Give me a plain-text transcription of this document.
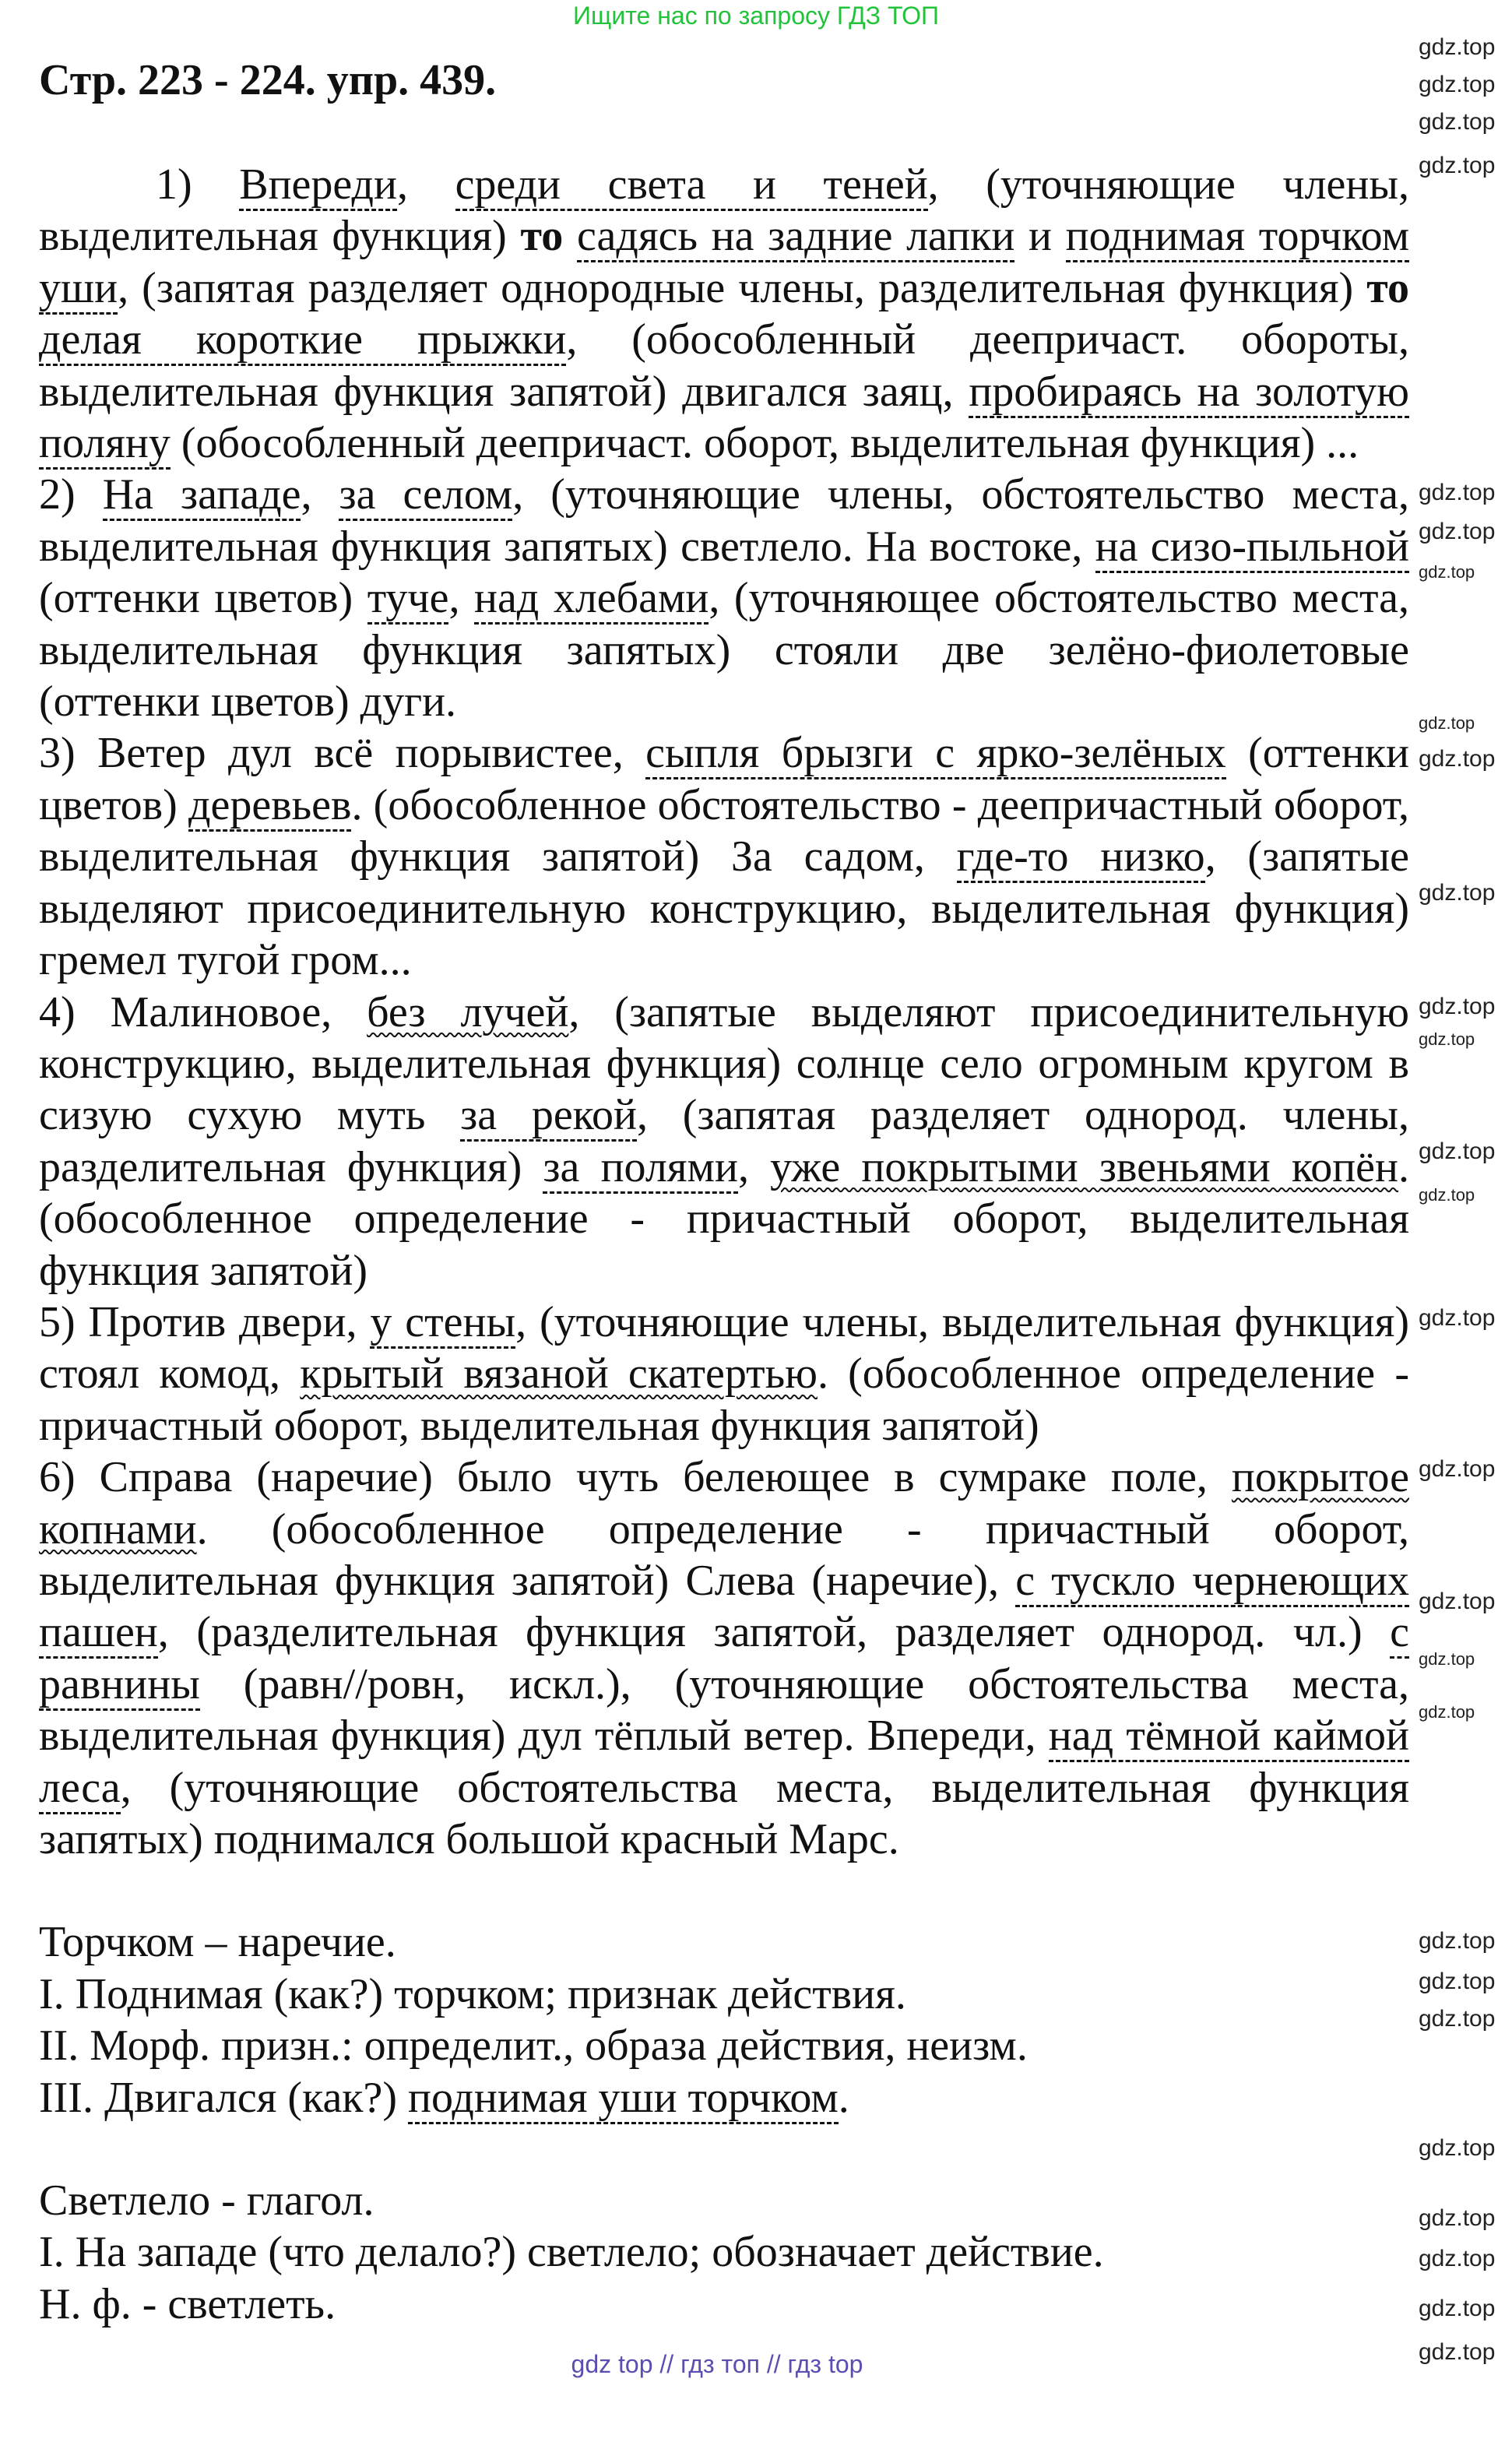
Ищите нас по запросу ГДЗ ТОП
Стр. 223 - 224. упр. 439.

1) Впереди, среди света и теней, (уточняющие члены, выделительная функция) то садясь на задние лапки и поднимая торчком уши, (запятая разделяет однородные члены, разделительная функция) то делая короткие прыжки, (обособленный деепричаст. обороты, выделительная функция запятой) двигался заяц, пробираясь на золотую поляну (обособленный деепричаст. оборот, выделительная функция) ...

2) На западе, за селом, (уточняющие члены, обстоятельство места, выделительная функция запятых) светлело. На востоке, на сизо-пыльной (оттенки цветов) туче, над хлебами, (уточняющее обстоятельство места, выделительная функция запятых) стояли две зелёно-фиолетовые (оттенки цветов) дуги.

3) Ветер дул всё порывистее, сыпля брызги с ярко-зелёных (оттенки цветов) деревьев. (обособленное обстоятельство - деепричастный оборот, выделительная функция запятой) За садом, где-то низко, (запятые выделяют присоединительную конструкцию, выделительная функция) гремел тугой гром...

4) Малиновое, без лучей, (запятые выделяют присоединительную конструкцию, выделительная функция) солнце село огромным кругом в сизую сухую муть за рекой, (запятая разделяет однород. члены, разделительная функция) за полями, уже покрытыми звеньями копён. (обособленное определение - причастный оборот, выделительная функция запятой)

5) Против двери, у стены, (уточняющие члены, выделительная функция) стоял комод, крытый вязаной скатертью. (обособленное определение - причастный оборот, выделительная функция запятой)

6) Справа (наречие) было чуть белеющее в сумраке поле, покрытое копнами. (обособленное определение - причастный оборот, выделительная функция запятой) Слева (наречие), с тускло чернеющих пашен, (разделительная функция запятой, разделяет однород. чл.) с равнины (равн//ровн, искл.), (уточняющие обстоятельства места, выделительная функция) дул тёплый ветер. Впереди, над тёмной каймой леса, (уточняющие обстоятельства места, выделительная функция запятых) поднимался большой красный Марс.

Торчком – наречие.
I. Поднимая (как?) торчком; признак действия.
II. Морф. призн.: определит., образа действия, неизм.
III. Двигался (как?) поднимая уши торчком.
Светлело - глагол.
I. На западе (что делало?) светлело; обозначает действие.
Н. ф. - светлеть.
gdz top // гдз топ // гдз top
gdz.top
gdz.top
gdz.top
gdz.top
gdz.top
gdz.top
gdz.top
gdz.top
gdz.top
gdz.top
gdz.top
gdz.top
gdz.top
gdz.top
gdz.top
gdz.top
gdz.top
gdz.top
gdz.top
gdz.top
gdz.top
gdz.top
gdz.top
gdz.top
gdz.top
gdz.top
gdz.top
